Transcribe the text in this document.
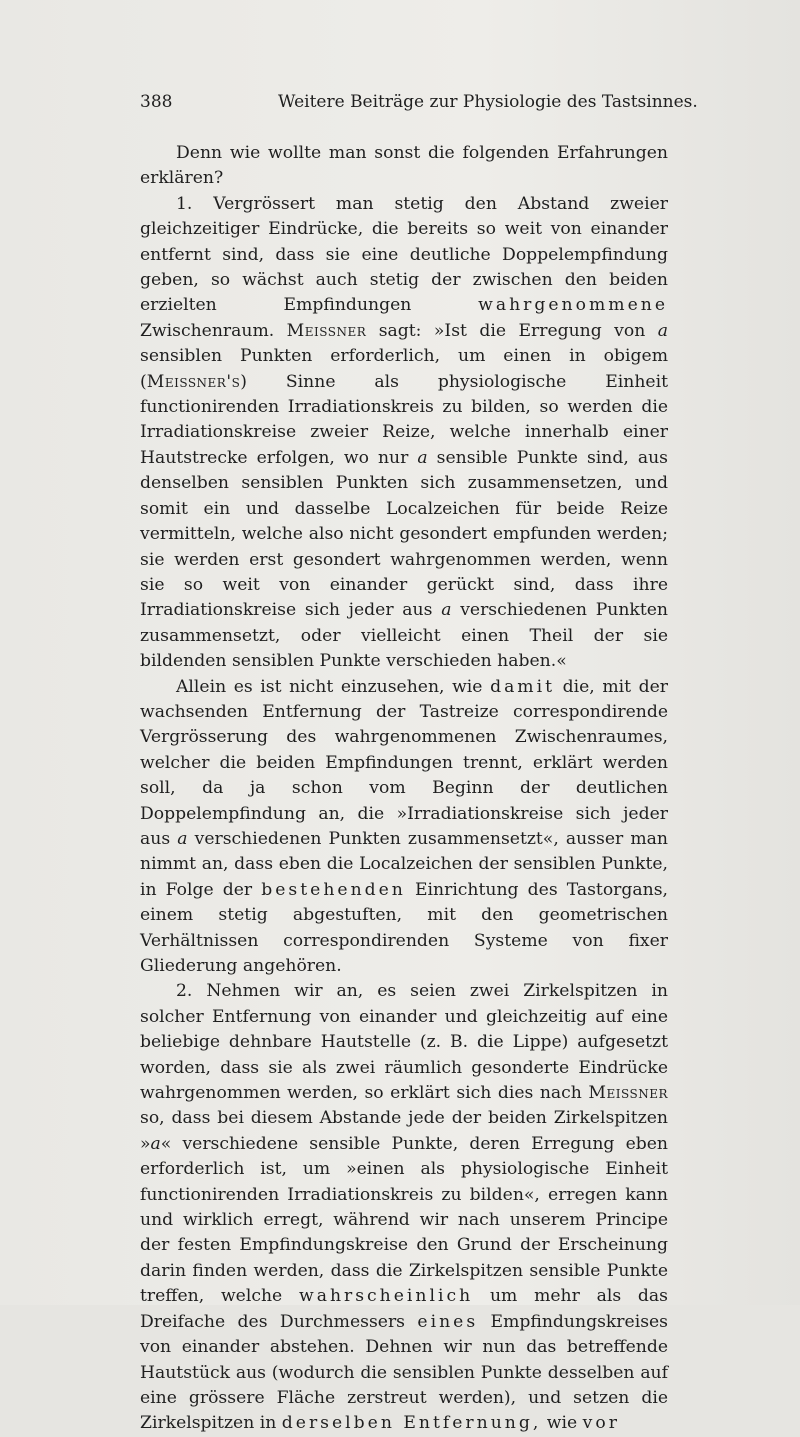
388	Weitere Beiträge zur Physiologie des Tastsinnes.

Denn wie wollte man sonst die folgenden Erfahrungen erklären?

1. Vergrössert man stetig den Abstand zweier gleichzeitiger Eindrücke, die bereits so weit von einander entfernt sind, dass sie eine deutliche Doppelempfindung geben, so wächst auch stetig der zwischen den beiden erzielten Empfindungen	wahrgenommene Zwischenraum. Meissner sagt: »Ist die Erregung von a sensiblen Punkten erforderlich, um einen in obigem (Meissner's) Sinne als physiologische Einheit functionirenden Irradiationskreis zu bilden, so werden die Irradiationskreise zweier Reize, welche innerhalb einer Hautstrecke erfolgen, wo nur a sensible Punkte sind, aus denselben sensiblen Punkten sich zusammensetzen, und somit ein und dasselbe Localzeichen für beide Reize vermitteln, welche also nicht gesondert empfunden werden; sie werden erst gesondert wahrgenommen werden, wenn sie so weit von einander gerückt sind, dass ihre Irradiationskreise sich jeder aus a verschiedenen Punkten zusammensetzt, oder vielleicht einen Theil der sie bildenden sensiblen Punkte verschieden haben.«

Allein es ist nicht einzusehen, wie damit die, mit der wachsenden Entfernung der Tastreize correspondirende Vergrösserung des wahrgenommenen Zwischenraumes, welcher die beiden Empfindungen trennt, erklärt werden soll, da ja schon vom Beginn der deutlichen Doppelempfindung an, die »Irradiationskreise sich jeder aus a verschiedenen Punkten zusammensetzt«, ausser man nimmt an, dass eben die Localzeichen der sensiblen Punkte, in Folge der bestehenden Einrichtung des Tastorgans, einem stetig abgestuften, mit den geometrischen Verhältnissen correspondirenden Systeme von fixer Gliederung angehören.

2. Nehmen wir an, es seien zwei Zirkelspitzen in solcher Entfernung von einander und gleichzeitig auf eine beliebige dehnbare Hautstelle (z. B. die Lippe) aufgesetzt worden, dass sie als zwei räumlich gesonderte Eindrücke wahrgenommen werden, so erklärt sich dies nach Meissner so, dass bei diesem Abstande jede der beiden Zirkelspitzen »a« verschiedene sensible Punkte, deren Erregung eben erforderlich ist, um »einen als physiologische Einheit functionirenden Irradiationskreis zu bilden«, erregen kann und wirklich erregt, während wir nach unserem Principe der festen Empfindungskreise den Grund der Erscheinung darin finden werden, dass die Zirkelspitzen sensible Punkte treffen, welche wahrscheinlich um mehr als das Dreifache des Durchmessers eines Empfindungskreises von einander abstehen. Dehnen wir nun das betreffende Hautstück aus (wodurch die sensiblen Punkte desselben auf eine grössere Fläche zerstreut werden), und setzen die Zirkelspitzen in derselben Entfernung, wie vor
